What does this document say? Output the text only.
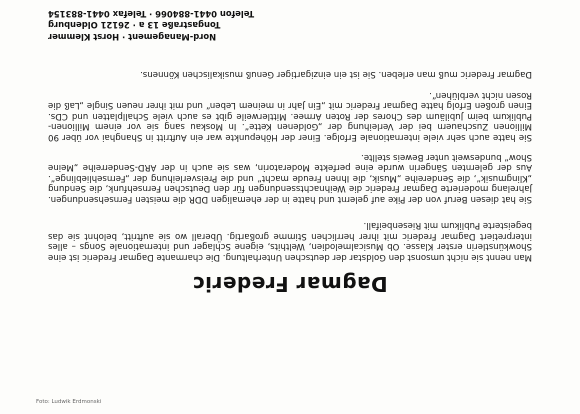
Dagmar Frederic
Man nennt sie nicht umsonst den Goldstar der deutschen Unterhaltung. Die charmante Dagmar Frederic ist eine Showkünstlerin erster Klasse. Ob Musicalmelodien, Welthits, eigene Schlager und internationale Songs – alles interpretiert Dagmar Frederic mit ihrer herrlichen Stimme großartig. Überall wo sie auftritt, belohnt sie das begeisterte Publikum mit Riesenbeifall.
Sie hat diesen Beruf von der Pike auf gelernt und hatte in der ehemaligen DDR die meisten Fernsehsendungen. Jahrelang moderierte Dagmar Frederic die Weihnachtssendungen für den Deutschen Fernsehfunk, die Sendung „Klingmusik“, die Sendereihe „Musik, die Ihnen Freude macht“ und die Preisverleihung der „Fernsehlieblinge“. Aus der gelernten Sängerin wurde eine perfekte Moderatorin, was sie auch in der ARD-Senderreihe „Meine Show“ bundesweit unter Beweis stellte.
Sie hatte auch sehr viele internationale Erfolge. Einer der Höhepunkte war ein Auftritt in Shanghai vor über 90 Millionen Zuschauern bei der Verleihung der „Goldenen Kette“. In Moskau sang sie vor einem Millionen-Publikum beim Jubiläum des Chores der Roten Armee. Mittlerweile gibt es auch viele Schallplatten und CDs. Einen großen Erfolg hatte Dagmar Frederic mit „Ein Jahr in meinem Leben“ und mit ihrer neuen Single „Laß die Rosen nicht verblühen“.
Dagmar Frederic muß man erleben. Sie ist ein einzigartiger Genuß musikalischen Könnens.
Nord-Management · Horst Klemmer
Tongastraße 13 a · 26121 Oldenburg
Telefon 0441-884066 · Telefax 0441-883154
Foto: Ludwik Erdmonski
